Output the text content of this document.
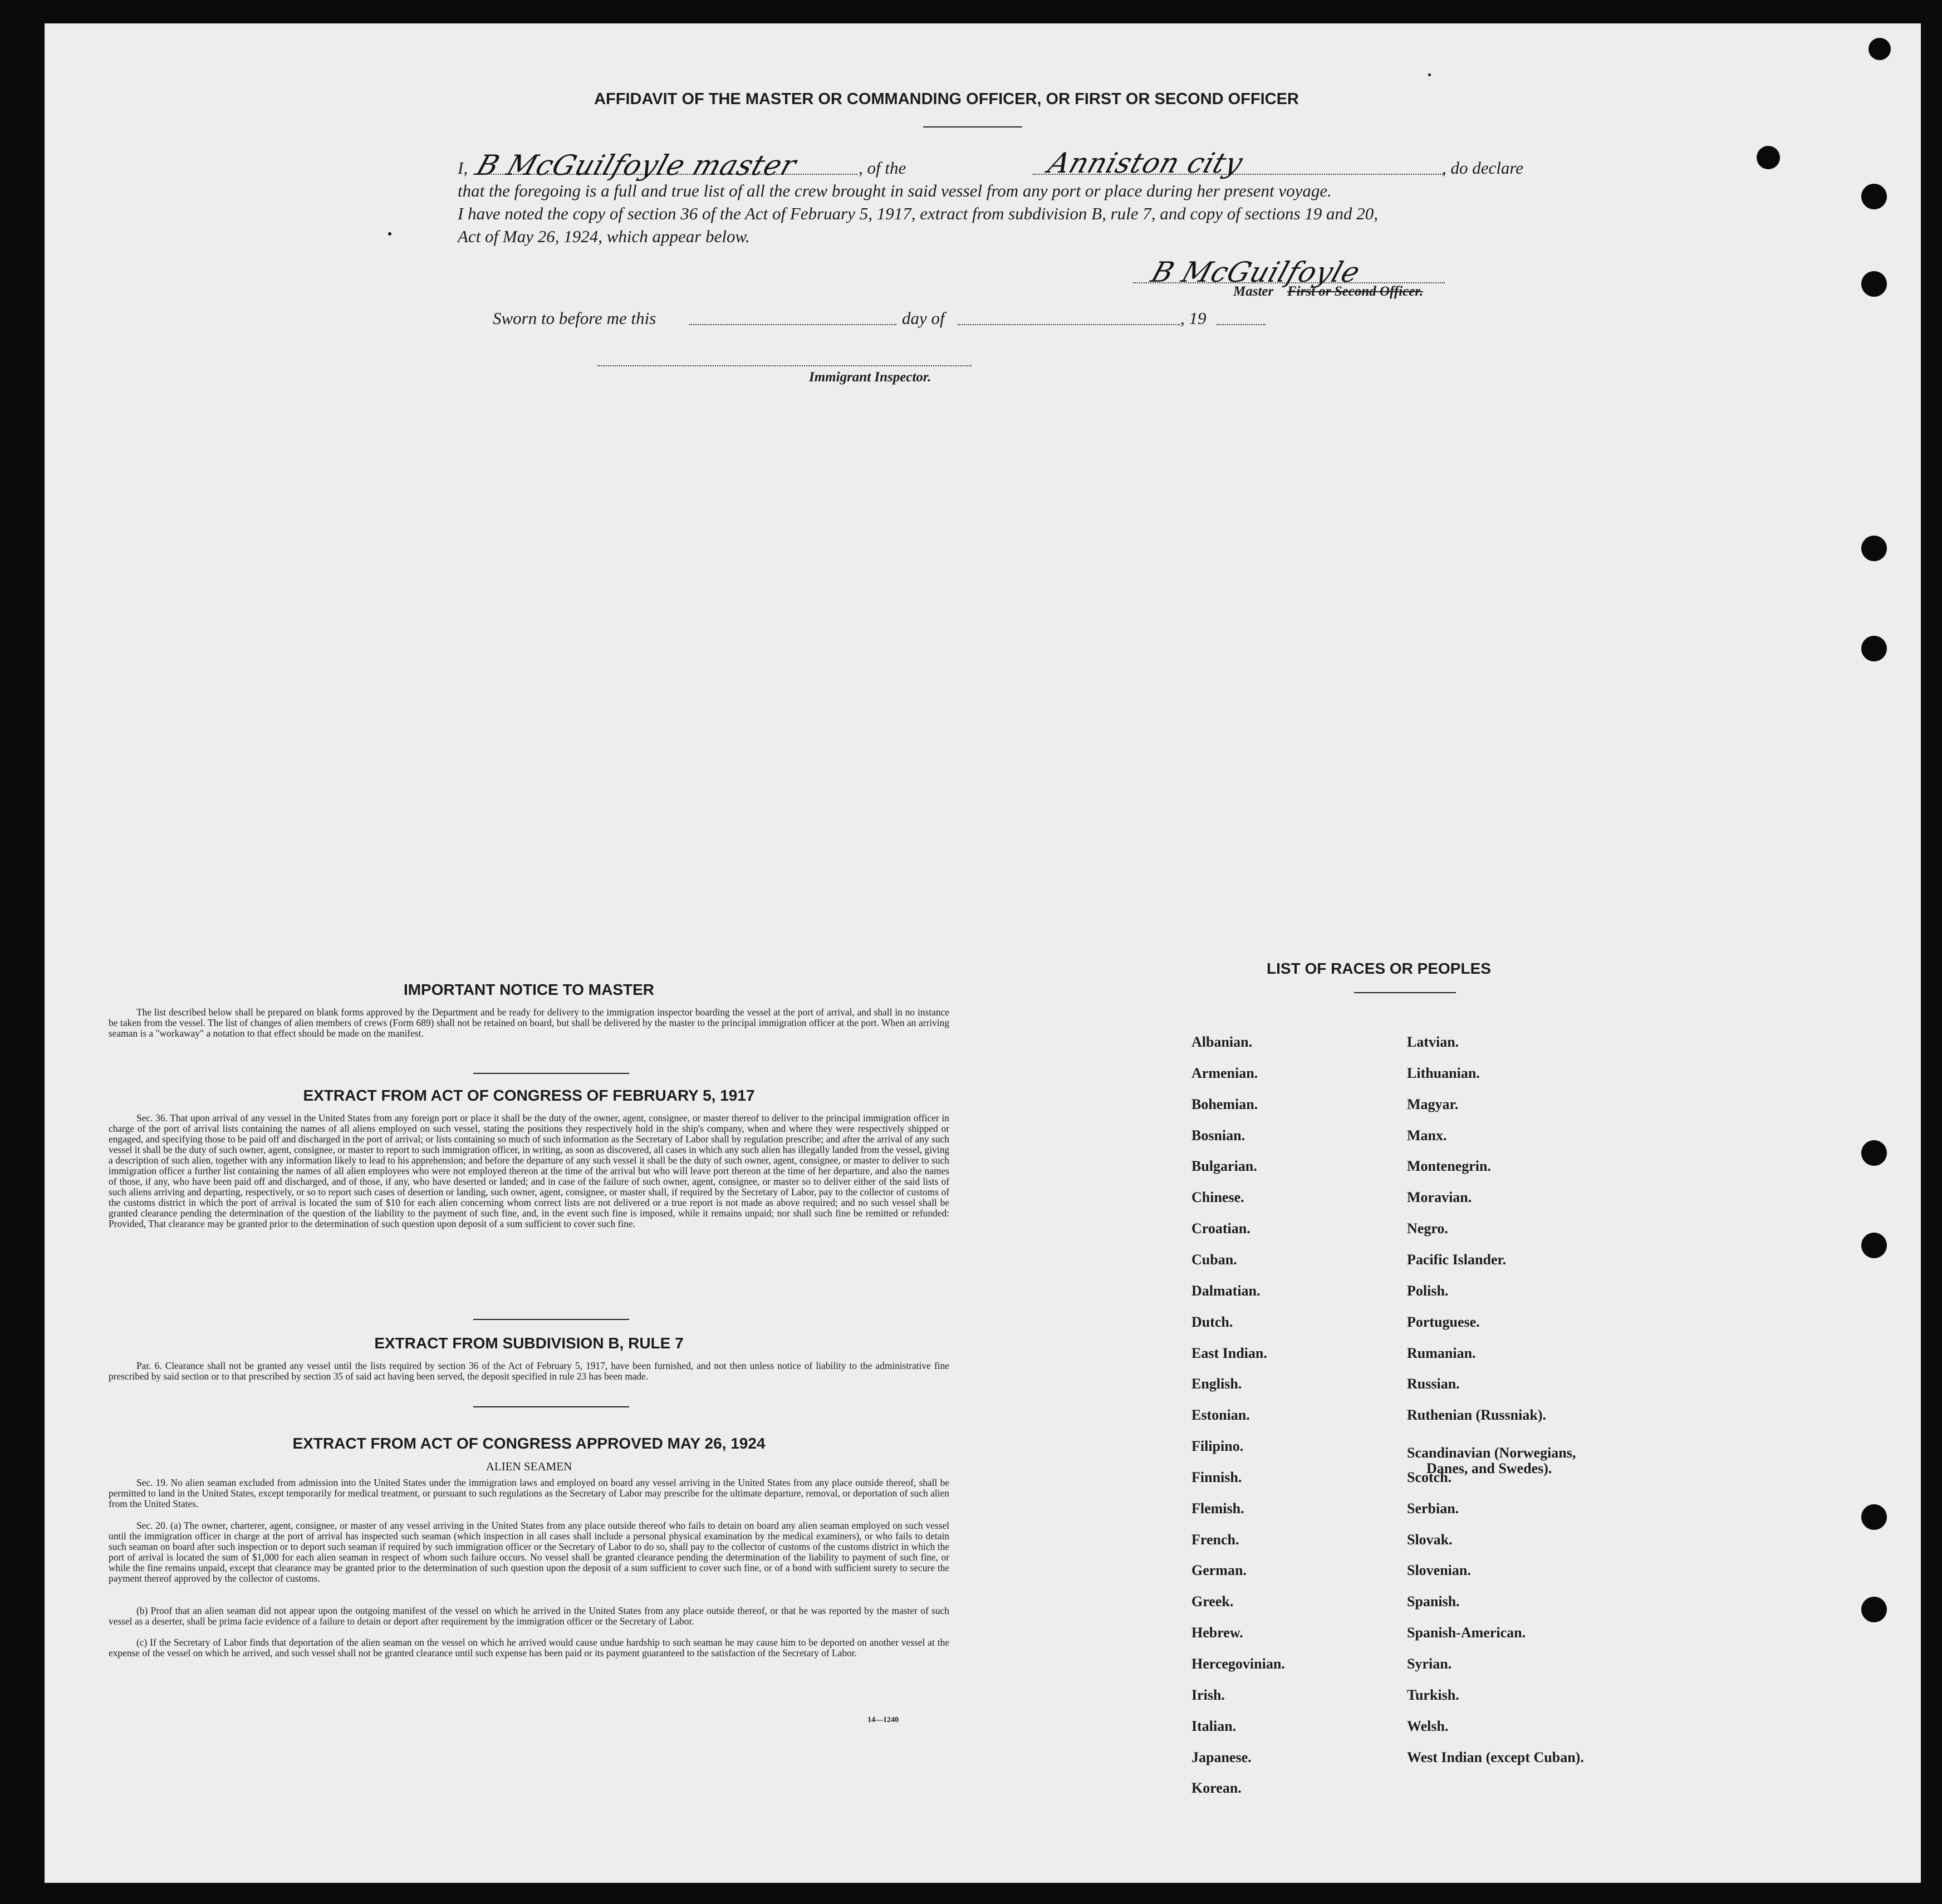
AFFIDAVIT OF THE MASTER OR COMMANDING OFFICER, OR FIRST OR SECOND OFFICER
I, B McGuilfoyle master	, of the	Anniston city	, do declare
that the foregoing is a full and true list of all the crew brought in said vessel from any port or place during her present voyage.
I have noted the copy of section 36 of the Act of February 5, 1917, extract from subdivision B, rule 7, and copy of sections 19 and 20,
Act of May 26, 1924, which appear below.
B McGuilfoyle
Master First or Second Officer.
Sworn to before me this	day of	, 19
Immigrant Inspector.
IMPORTANT NOTICE TO MASTER
The list described below shall be prepared on blank forms approved by the Department and be ready for delivery to the immigration inspector boarding the vessel at the port of arrival, and shall in no instance be taken from the vessel. The list of changes of alien members of crews (Form 689) shall not be retained on board, but shall be delivered by the master to the principal immigration officer at the port. When an arriving seaman is a "workaway" a notation to that effect should be made on the manifest.
EXTRACT FROM ACT OF CONGRESS OF FEBRUARY 5, 1917
Sec. 36. That upon arrival of any vessel in the United States from any foreign port or place it shall be the duty of the owner, agent, consignee, or master thereof to deliver to the principal immigration officer in charge of the port of arrival lists containing the names of all aliens employed on such vessel, stating the positions they respectively hold in the ship's company, when and where they were respectively shipped or engaged, and specifying those to be paid off and discharged in the port of arrival; or lists containing so much of such information as the Secretary of Labor shall by regulation prescribe; and after the arrival of any such vessel it shall be the duty of such owner, agent, consignee, or master to report to such immigration officer, in writing, as soon as discovered, all cases in which any such alien has illegally landed from the vessel, giving a description of such alien, together with any information likely to lead to his apprehension; and before the departure of any such vessel it shall be the duty of such owner, agent, consignee, or master to deliver to such immigration officer a further list containing the names of all alien employees who were not employed thereon at the time of the arrival but who will leave port thereon at the time of her departure, and also the names of those, if any, who have been paid off and discharged, and of those, if any, who have deserted or landed; and in case of the failure of such owner, agent, consignee, or master so to deliver either of the said lists of such aliens arriving and departing, respectively, or so to report such cases of desertion or landing, such owner, agent, consignee, or master shall, if required by the Secretary of Labor, pay to the collector of customs of the customs district in which the port of arrival is located the sum of $10 for each alien concerning whom correct lists are not delivered or a true report is not made as above required; and no such vessel shall be granted clearance pending the determination of the question of the liability to the payment of such fine, and, in the event such fine is imposed, while it remains unpaid; nor shall such fine be remitted or refunded: Provided, That clearance may be granted prior to the determination of such question upon deposit of a sum sufficient to cover such fine.
EXTRACT FROM SUBDIVISION B, RULE 7
Par. 6. Clearance shall not be granted any vessel until the lists required by section 36 of the Act of February 5, 1917, have been furnished, and not then unless notice of liability to the administrative fine prescribed by said section or to that prescribed by section 35 of said act having been served, the deposit specified in rule 23 has been made.
EXTRACT FROM ACT OF CONGRESS APPROVED MAY 26, 1924
ALIEN SEAMEN
Sec. 19. No alien seaman excluded from admission into the United States under the immigration laws and employed on board any vessel arriving in the United States from any place outside thereof, shall be permitted to land in the United States, except temporarily for medical treatment, or pursuant to such regulations as the Secretary of Labor may prescribe for the ultimate departure, removal, or deportation of such alien from the United States.
Sec. 20. (a) The owner, charterer, agent, consignee, or master of any vessel arriving in the United States from any place outside thereof who fails to detain on board any alien seaman employed on such vessel until the immigration officer in charge at the port of arrival has inspected such seaman (which inspection in all cases shall include a personal physical examination by the medical examiners), or who fails to detain such seaman on board after such inspection or to deport such seaman if required by such immigration officer or the Secretary of Labor to do so, shall pay to the collector of customs of the customs district in which the port of arrival is located the sum of $1,000 for each alien seaman in respect of whom such failure occurs. No vessel shall be granted clearance pending the determination of the liability to payment of such fine, or while the fine remains unpaid, except that clearance may be granted prior to the determination of such question upon the deposit of a sum sufficient to cover such fine, or of a bond with sufficient surety to secure the payment thereof approved by the collector of customs.
(b) Proof that an alien seaman did not appear upon the outgoing manifest of the vessel on which he arrived in the United States from any place outside thereof, or that he was reported by the master of such vessel as a deserter, shall be prima facie evidence of a failure to detain or deport after requirement by the immigration officer or the Secretary of Labor.
(c) If the Secretary of Labor finds that deportation of the alien seaman on the vessel on which he arrived would cause undue hardship to such seaman he may cause him to be deported on another vessel at the expense of the vessel on which he arrived, and such vessel shall not be granted clearance until such expense has been paid or its payment guaranteed to the satisfaction of the Secretary of Labor.
14—1240
LIST OF RACES OR PEOPLES
Albanian.
Armenian.
Bohemian.
Bosnian.
Bulgarian.
Chinese.
Croatian.
Cuban.
Dalmatian.
Dutch.
East Indian.
English.
Estonian.
Filipino.
Finnish.
Flemish.
French.
German.
Greek.
Hebrew.
Hercegovinian.
Irish.
Italian.
Japanese.
Korean.
Latvian.
Lithuanian.
Magyar.
Manx.
Montenegrin.
Moravian.
Negro.
Pacific Islander.
Polish.
Portuguese.
Rumanian.
Russian.
Ruthenian (Russniak).
Scandinavian (Norwegians,
Danes, and Swedes).
Scotch.
Serbian.
Slovak.
Slovenian.
Spanish.
Spanish-American.
Syrian.
Turkish.
Welsh.
West Indian (except Cuban).
